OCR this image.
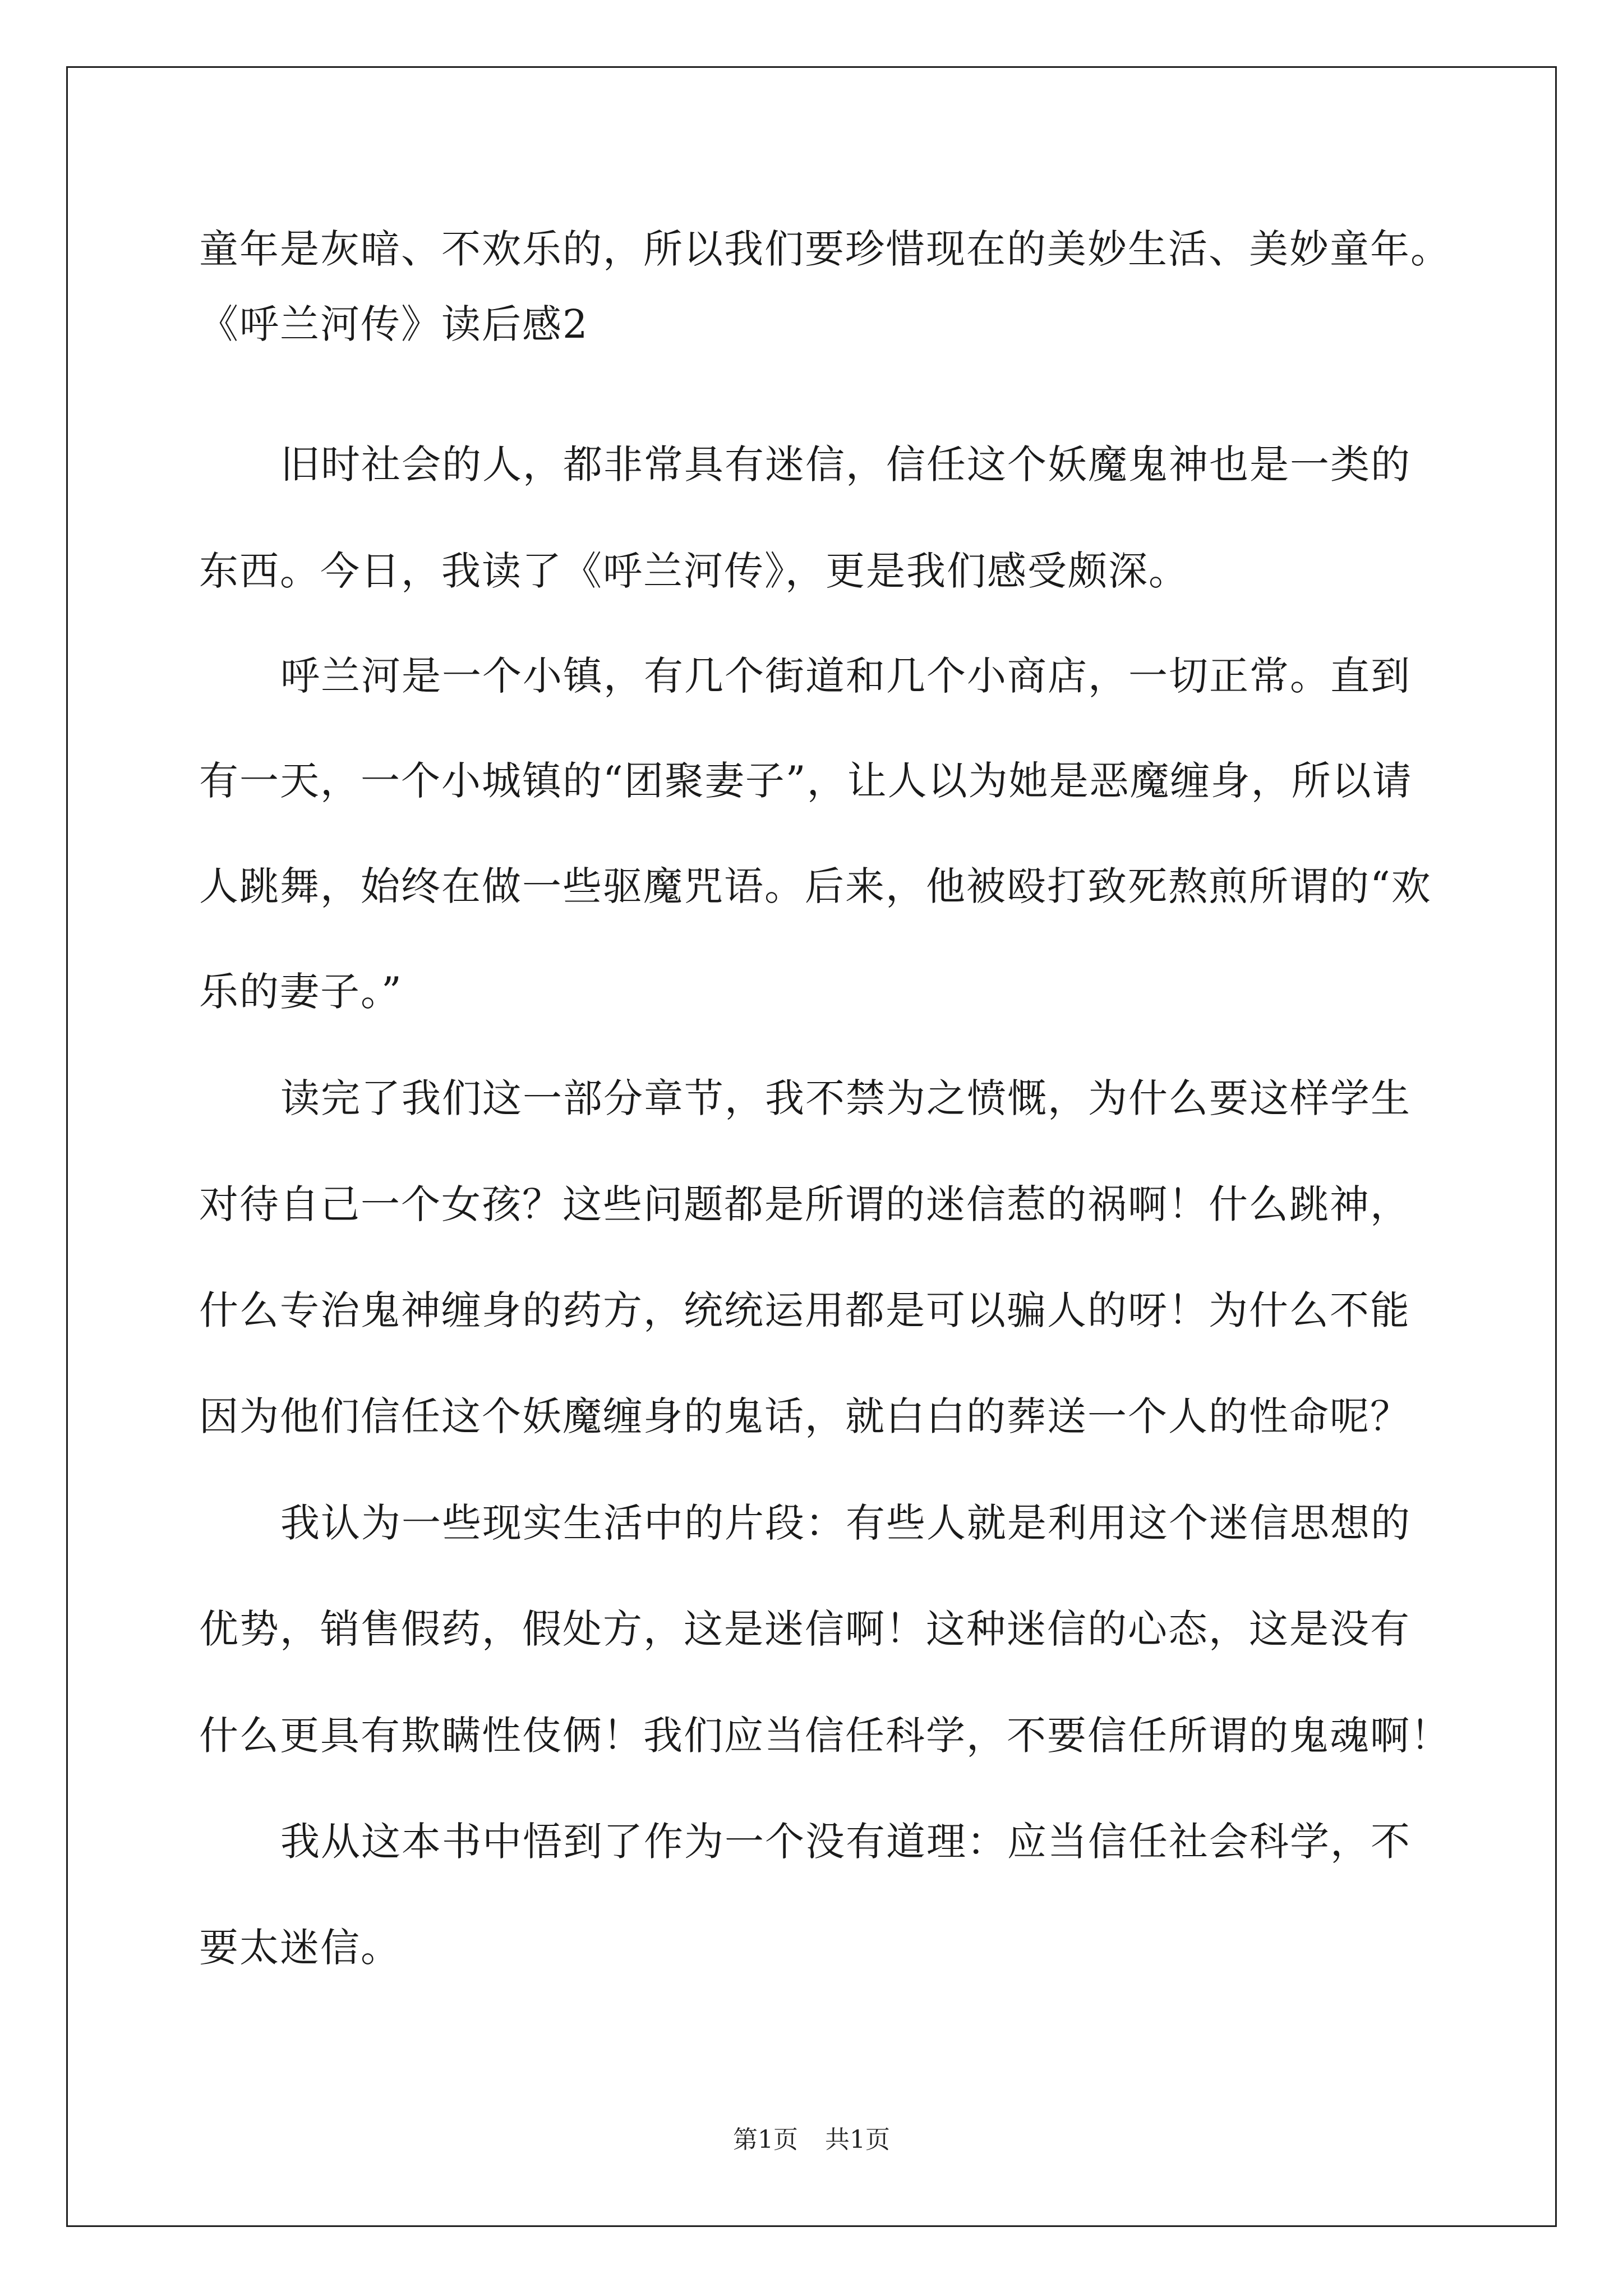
童年是灰暗、不欢乐的，所以我们要珍惜现在的美妙生活、美妙童年。
《呼兰河传》读后感2
旧时社会的人，都非常具有迷信，信任这个妖魔鬼神也是一类的
东西。今日，我读了《呼兰河传》，更是我们感受颇深。
呼兰河是一个小镇，有几个街道和几个小商店，一切正常。直到
有一天，一个小城镇的“团聚妻子”，让人以为她是恶魔缠身，所以请
人跳舞，始终在做一些驱魔咒语。后来，他被殴打致死熬煎所谓的“欢
乐的妻子。”
读完了我们这一部分章节，我不禁为之愤慨，为什么要这样学生
对待自己一个女孩？这些问题都是所谓的迷信惹的祸啊！什么跳神，
什么专治鬼神缠身的药方，统统运用都是可以骗人的呀！为什么不能
因为他们信任这个妖魔缠身的鬼话，就白白的葬送一个人的性命呢？
我认为一些现实生活中的片段：有些人就是利用这个迷信思想的
优势，销售假药，假处方，这是迷信啊！这种迷信的心态，这是没有
什么更具有欺瞒性伎俩！我们应当信任科学，不要信任所谓的鬼魂啊！
我从这本书中悟到了作为一个没有道理：应当信任社会科学，不
要太迷信。
第1页 共1页
